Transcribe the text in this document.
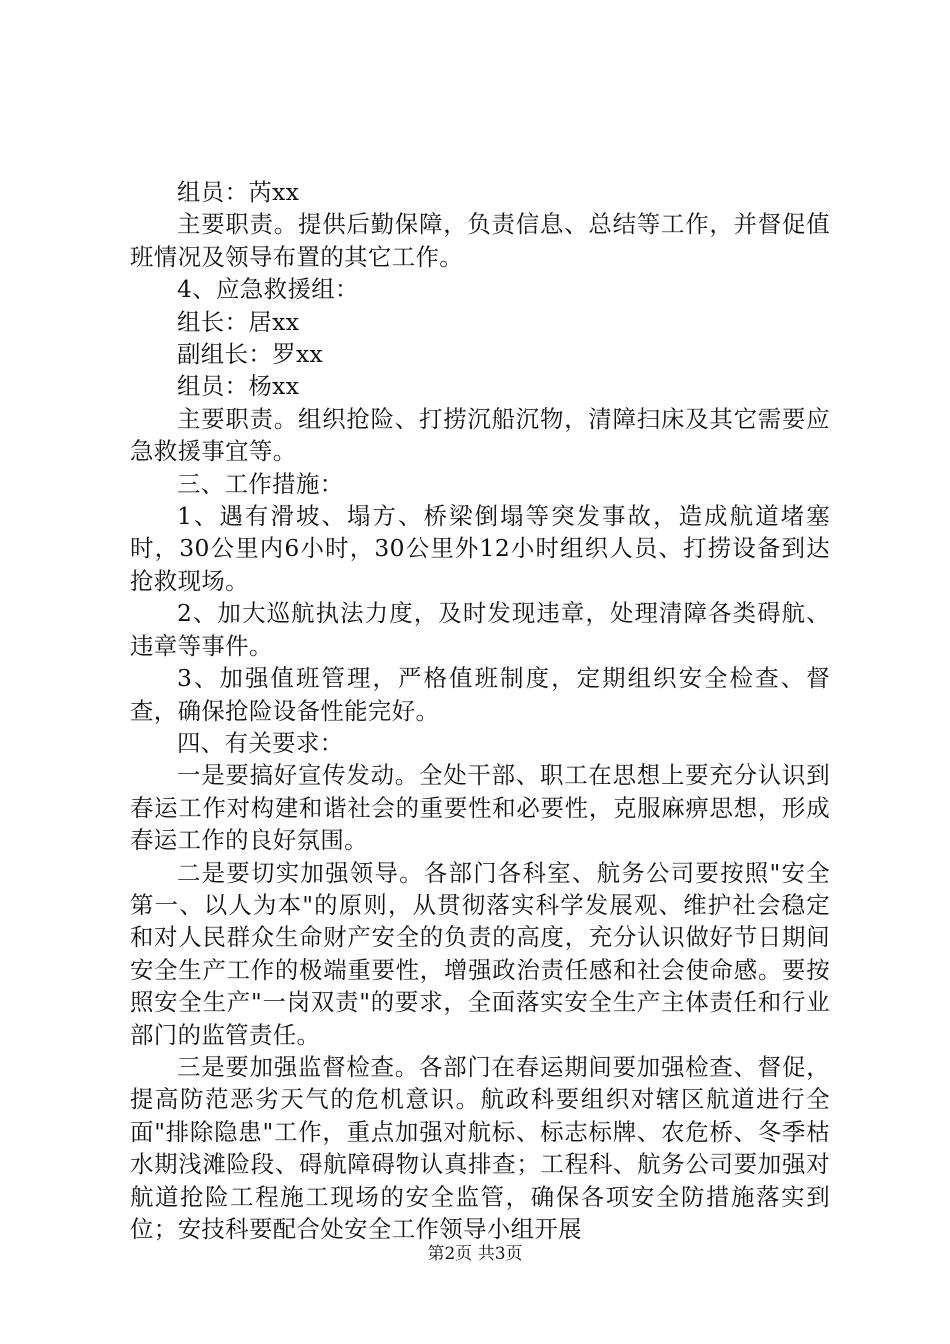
组员：芮xx

主要职责。提供后勤保障，负责信息、总结等工作，并督促值班情况及领导布置的其它工作。

4、应急救援组：

组长：居xx

副组长：罗xx

组员：杨xx

主要职责。组织抢险、打捞沉船沉物，清障扫床及其它需要应急救援事宜等。

三、工作措施：

1、遇有滑坡、塌方、桥梁倒塌等突发事故，造成航道堵塞时，30公里内6小时，30公里外12小时组织人员、打捞设备到达抢救现场。

2、加大巡航执法力度，及时发现违章，处理清障各类碍航、违章等事件。

3、加强值班管理，严格值班制度，定期组织安全检查、督查，确保抢险设备性能完好。

四、有关要求：

一是要搞好宣传发动。全处干部、职工在思想上要充分认识到春运工作对构建和谐社会的重要性和必要性，克服麻痹思想，形成春运工作的良好氛围。

二是要切实加强领导。各部门各科室、航务公司要按照"安全第一、以人为本"的原则，从贯彻落实科学发展观、维护社会稳定和对人民群众生命财产安全的负责的高度，充分认识做好节日期间安全生产工作的极端重要性，增强政治责任感和社会使命感。要按照安全生产"一岗双责"的要求，全面落实安全生产主体责任和行业部门的监管责任。

三是要加强监督检查。各部门在春运期间要加强检查、督促，提高防范恶劣天气的危机意识。航政科要组织对辖区航道进行全面"排除隐患"工作，重点加强对航标、标志标牌、农危桥、冬季枯水期浅滩险段、碍航障碍物认真排查；工程科、航务公司要加强对航道抢险工程施工现场的安全监管，确保各项安全防措施落实到位；安技科要配合处安全工作领导小组开展

第2页 共3页
